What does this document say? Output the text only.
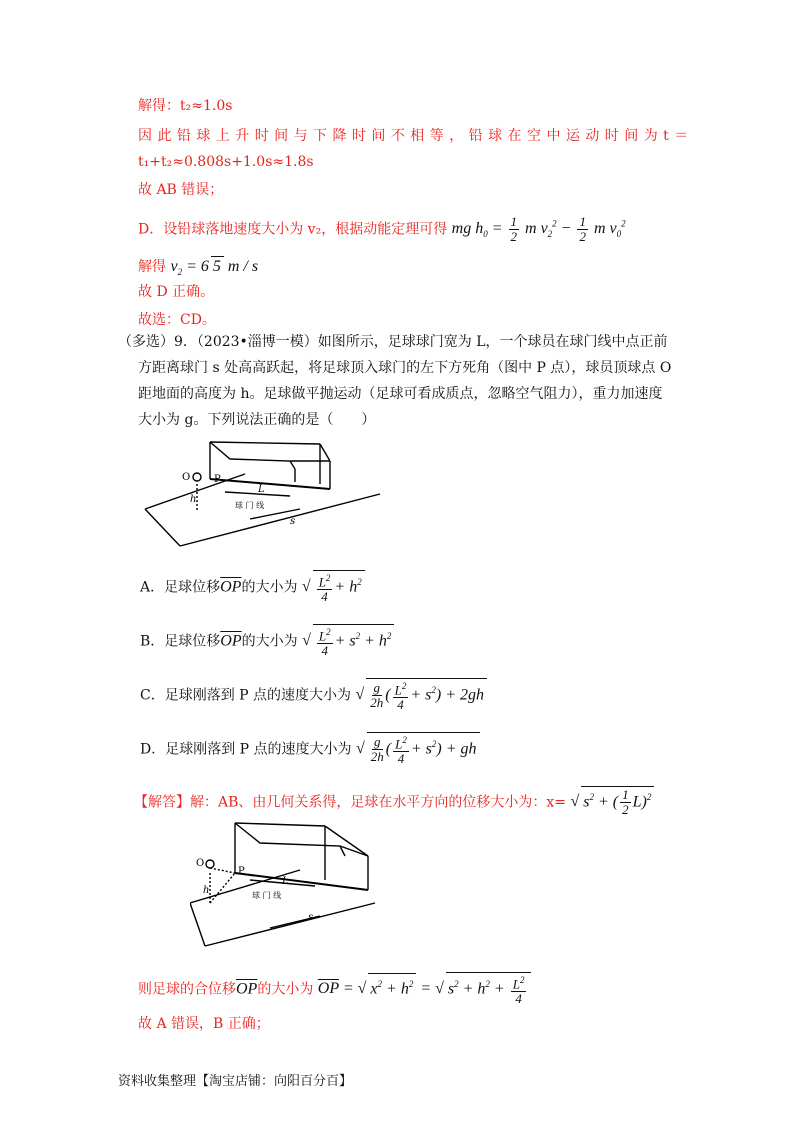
解得：t₂≈1.0s
因 此 铅 球 上 升 时 间 与 下 降 时 间 不 相 等 ， 铅 球 在 空 中 运 动 时 间 为 t ＝
t₁+t₂≈0.808s+1.0s≈1.8s
故 AB 错误；
D．设铅球落地速度大小为 v₂，根据动能定理可得 mg $h_0 = \frac{1}{2}$ m $v_2^2 - \frac{1}{2}$ m $v_0^2$
解得 $v_2 = 6$ 5 m / s
故 D 正确。
故选：CD。
（多选）9．（2023•淄博一模）如图所示，足球球门宽为 L，一个球员在球门线中点正前
方距离球门 s 处高高跃起，将足球顶入球门的左下方死角（图中 P 点），球员顶球点 O
距地面的高度为 h。足球做平抛运动（足球可看成质点，忽略空气阻力），重力加速度
大小为 g。下列说法正确的是（　　）
O P
h
L
球 门 线
s
A．足球位移$\overline{OP}$的大小为 √ $\frac{L^2}{4} + h^2$
B．足球位移$\overline{OP}$的大小为 √ $\frac{L^2}{4} + s^2 + h^2$
C．足球刚落到 P 点的速度大小为 √ $\frac{g}{2h}$ ( $\frac{L^2}{4} + s^2) + 2gh$
D．足球刚落到 P 点的速度大小为 √ $\frac{g}{2h}$ ( $\frac{L^2}{4} + s^2$) + gh
【解答】解：AB、由几何关系得，足球在水平方向的位移大小为：x= √ $s^2$ + ( $\frac{1}{2} L)^2$
O
P
h
L
球 门 线
s
则足球的合位移$\overline{OP}$的大小为 $\overline{OP}$ = √ $x^2 + h^2$ = √ $s^2 + h^2 + \frac{L^2}{4}$
故 A 错误，B 正确；
资料收集整理【淘宝店铺：向阳百分百】
